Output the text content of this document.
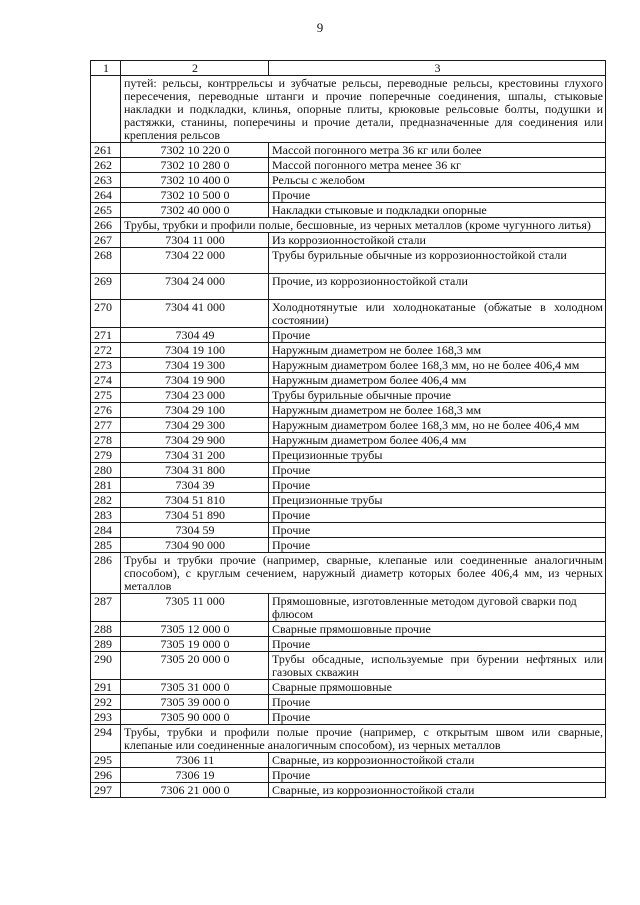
9
1	2	3
	путей: рельсы, контррельсы и зубчатые рельсы, переводные рельсы, крестовины глухого пересечения, переводные штанги и прочие поперечные соединения, шпалы, стыковые накладки и подкладки, клинья, опорные плиты, крюковые рельсовые болты, подушки и растяжки, станины, поперечины и прочие детали, предназначенные для соединения или крепления рельсов	
261	7302 10 220 0	Массой погонного метра 36 кг или более
262	7302 10 280 0	Массой погонного метра менее 36 кг
263	7302 10 400 0	Рельсы с желобом
264	7302 10 500 0	Прочие
265	7302 40 000 0	Накладки стыковые и подкладки опорные
266	Трубы, трубки и профили полые, бесшовные, из черных металлов (кроме чугунного литья)	
267	7304 11 000	Из коррозионностойкой стали
268	7304 22 000	Трубы бурильные обычные из коррозионностойкой стали
269	7304 24 000	Прочие, из коррозионностойкой стали
270	7304 41 000	Холоднотянутые или холоднокатаные (обжатые в холодном состоянии)
271	7304 49	Прочие
272	7304 19 100	Наружным диаметром не более 168,3 мм
273	7304 19 300	Наружным диаметром более 168,3 мм, но не более 406,4 мм
274	7304 19 900	Наружным диаметром более 406,4 мм
275	7304 23 000	Трубы бурильные обычные прочие
276	7304 29 100	Наружным диаметром не более 168,3 мм
277	7304 29 300	Наружным диаметром более 168,3 мм, но не более 406,4 мм
278	7304 29 900	Наружным диаметром более 406,4 мм
279	7304 31 200	Прецизионные трубы
280	7304 31 800	Прочие
281	7304 39	Прочие
282	7304 51 810	Прецизионные трубы
283	7304 51 890	Прочие
284	7304 59	Прочие
285	7304 90 000	Прочие
286	Трубы и трубки прочие (например, сварные, клепаные или соединенные аналогичным способом), с круглым сечением, наружный диаметр которых более 406,4 мм, из черных металлов	
287	7305 11 000	Прямошовные, изготовленные методом дуговой сварки под флюсом
288	7305 12 000 0	Сварные прямошовные прочие
289	7305 19 000 0	Прочие
290	7305 20 000 0	Трубы обсадные, используемые при бурении нефтяных или газовых скважин
291	7305 31 000 0	Сварные прямошовные
292	7305 39 000 0	Прочие
293	7305 90 000 0	Прочие
294	Трубы, трубки и профили полые прочие (например, с открытым швом или сварные, клепаные или соединенные аналогичным способом), из черных металлов	
295	7306 11	Сварные, из коррозионностойкой стали
296	7306 19	Прочие
297	7306 21 000 0	Сварные, из коррозионностойкой стали
